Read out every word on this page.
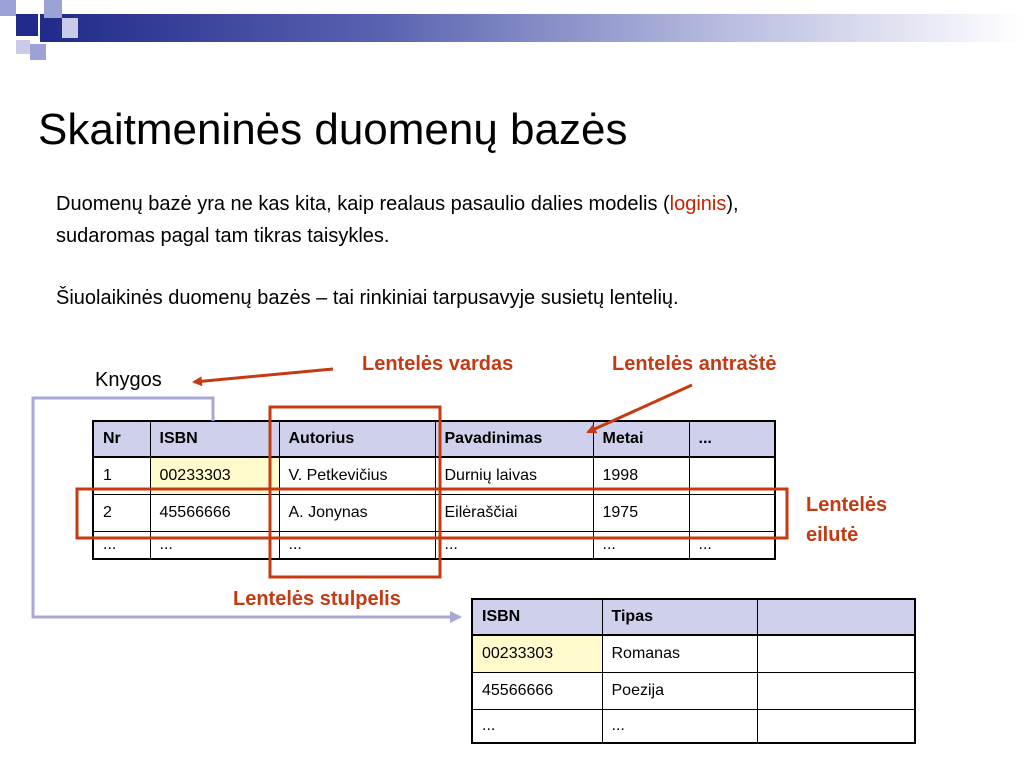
Skaitmeninės duomenų bazės
Duomenų bazė yra ne kas kita, kaip realaus pasaulio dalies modelis (loginis),
sudaromas pagal tam tikras taisykles.
Šiuolaikinės duomenų bazės – tai rinkiniai tarpusavyje susietų lentelių.
Knygos
Lentelės vardas	Lentelės antraštė
Lentelės
eilutė
Lentelės stulpelis
Nr	ISBN	Autorius	Pavadinimas	Metai	...
1	00233303	V. Petkevičius	Durnių laivas	1998	
2	45566666	A. Jonynas	Eilėraščiai	1975	
...	...	...	...	...	...
ISBN	Tipas	
00233303	Romanas	
45566666	Poezija	
...	...	
